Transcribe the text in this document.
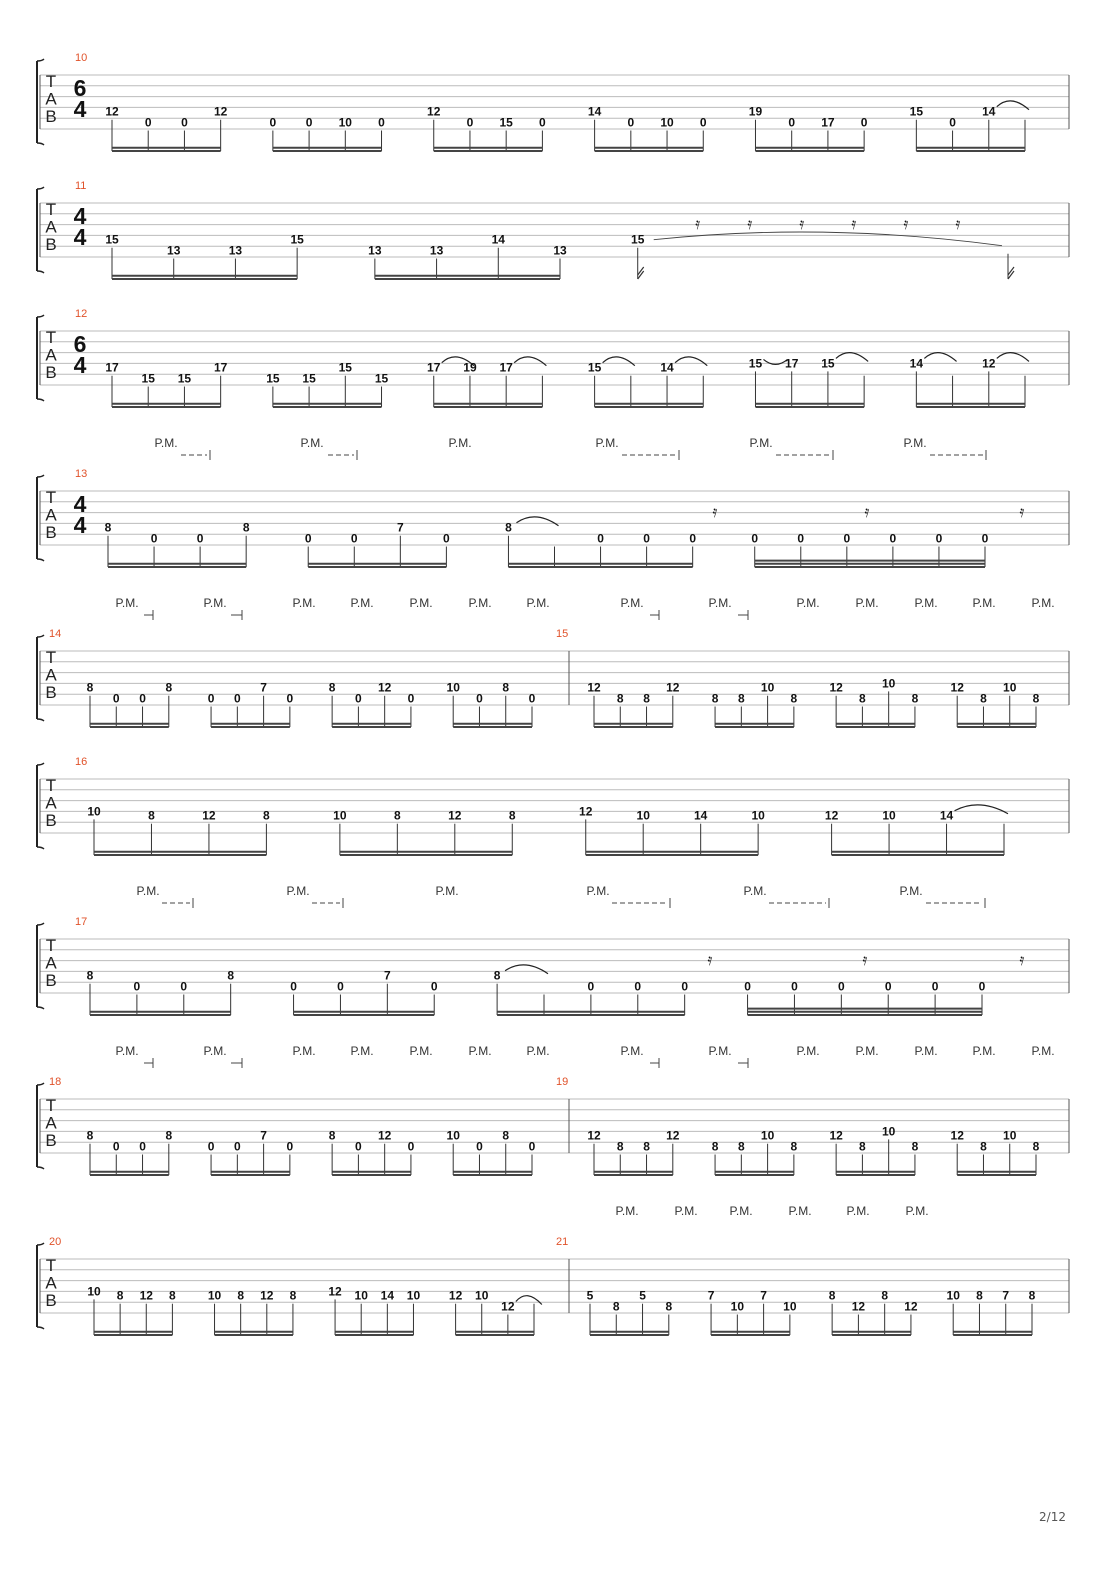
T
A
B
10
6
4 12
0 0
12
0 0 10 0
12
0 15 0
14
0 10 0
19
0 17 0
15
0
14
T
A
B
11
4
4 15
13	13
15
13	13
14
13
15
𝄿	𝄿	𝄿	𝄿	𝄿	𝄿
T
A
B
12
6
4 17
15 15
17
15 15
15
15
17 19 17	15	14	15 17 15	14	12
T
A
B
P.M.	P.M.	P.M.	P.M.	P.M.	P.M.
13
4
4 8
0	0
8
0	0
7
0
8
0	0	0	0	0	0	0	0	0
𝄿	𝄿	𝄿
T
A
B
P.M.	P.M.	P.M.	P.M.	P.M.	P.M.	P.M.	P.M.	P.M.	P.M.	P.M.	P.M.	P.M.	P.M.
14
8
0 0
8
0 0
7
0
8
0
12
0
10
0
8
0
15
12
8 8
12
8 8
10
8
12
8
10
8
12
8
10
8
T
A
B
16
10	8	12	8	10	8	12	8	12	10	14	10	12	10	14
T
A
B
P.M.	P.M.	P.M.	P.M.	P.M.	P.M.
17
8
0	0
8
0	0
7
0
8
0	0	0	0	0	0	0	0	0
𝄿	𝄿	𝄿
T
A
B
P.M.	P.M.	P.M.	P.M.	P.M.	P.M.	P.M.	P.M.	P.M.	P.M.	P.M.	P.M.	P.M.	P.M.
18
8
0 0
8
0 0
7
0
8
0
12
0
10
0
8
0
19
12
8 8
12
8 8
10
8
12
8
10
8
12
8
10
8
T
A
B
P.M.	P.M.	P.M.	P.M.	P.M.	P.M.
20
10 8 12 8	10 8 12 8	12 10 14 10 12 10
12
21
5
8
5
8
7
10
7
10
8
12
8
12
10 8 7 8
2/12
